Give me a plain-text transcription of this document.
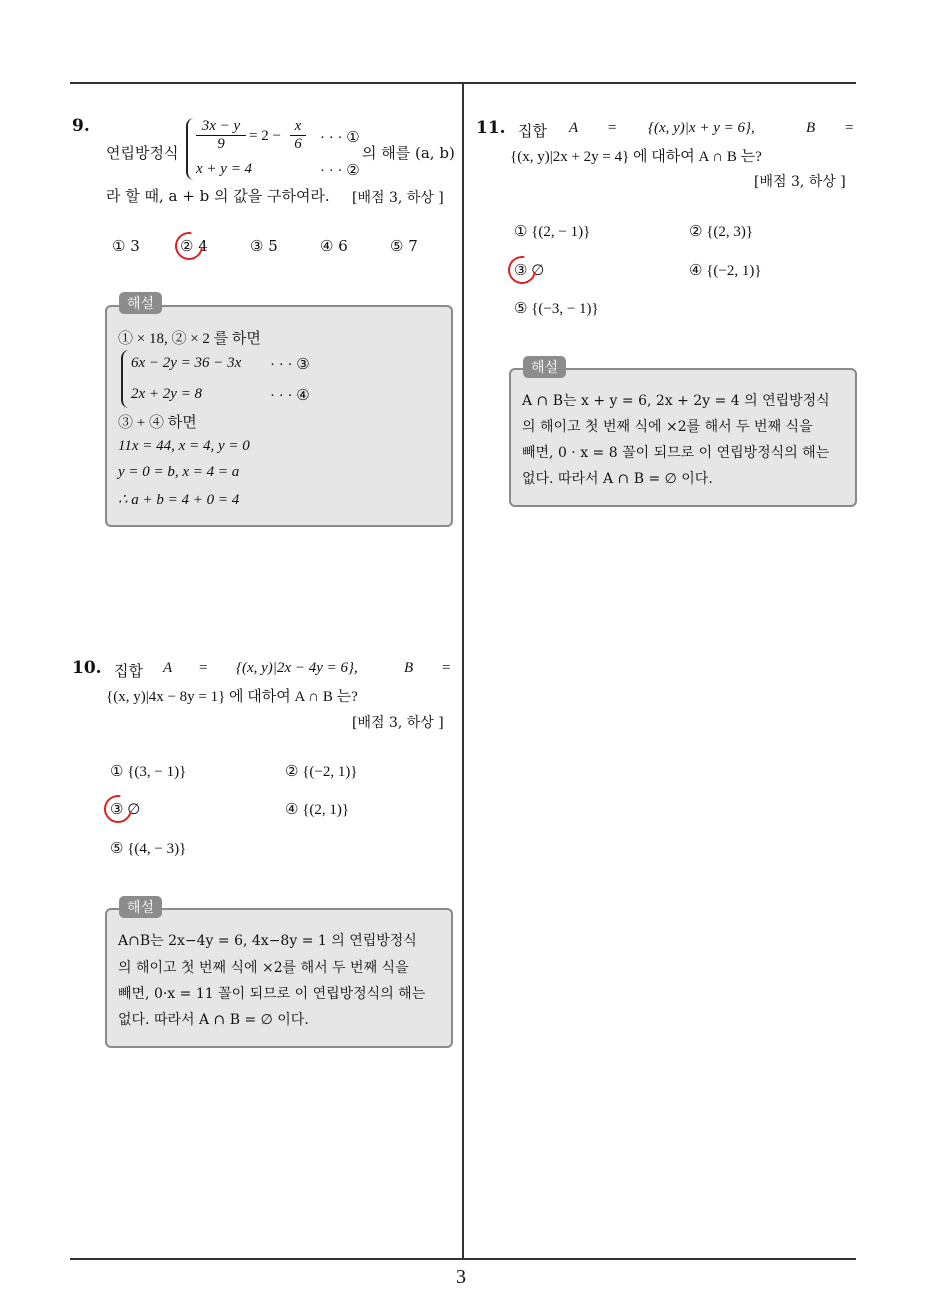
3
9.
연립방정식 $\frac{3x - y}{9} = 2 - \frac{x}{6}$ · · · ①
x + y = 4	· · · ②
의 해를 (a, b)
라 할 때, a + b 의 값을 구하여라. [배점 3, 하상 ]
① 3	② 4	③ 5	④ 6	⑤ 7
해설
① × 18, ② × 2 를 하면
6x − 2y = 36 − 3x · · · ③
2x + 2y = 8	· · · ④
③ + ④ 하면
11x = 44, x = 4, y = 0
y = 0 = b, x = 4 = a
∴ a + b = 4 + 0 = 4
10. 집합 A = {(x, y)|2x − 4y = 6},	B =
{(x, y)|4x − 8y = 1} 에 대하여 A ∩ B 는?
[배점 3, 하상 ]
① {(3, − 1)}	② {(−2, 1)}
③ ∅	④ {(2, 1)}
⑤ {(4, − 3)}
해설
A∩B는 2x−4y = 6, 4x−8y = 1 의 연립방정식
의 해이고 첫 번째 식에 ×2를 해서 두 번째 식을
빼면, 0·x = 11 꼴이 되므로 이 연립방정식의 해는
없다. 따라서 A ∩ B = ∅ 이다.
11. 집합 A = {(x, y)|x + y = 6},	B =
{(x, y)|2x + 2y = 4} 에 대하여 A ∩ B 는?
[배점 3, 하상 ]
① {(2, − 1)}	② {(2, 3)}
③ ∅	④ {(−2, 1)}
⑤ {(−3, − 1)}
해설
A ∩ B는 x + y = 6, 2x + 2y = 4 의 연립방정식
의 해이고 첫 번째 식에 ×2를 해서 두 번째 식을
빼면, 0 · x = 8 꼴이 되므로 이 연립방정식의 해는
없다. 따라서 A ∩ B = ∅ 이다.
